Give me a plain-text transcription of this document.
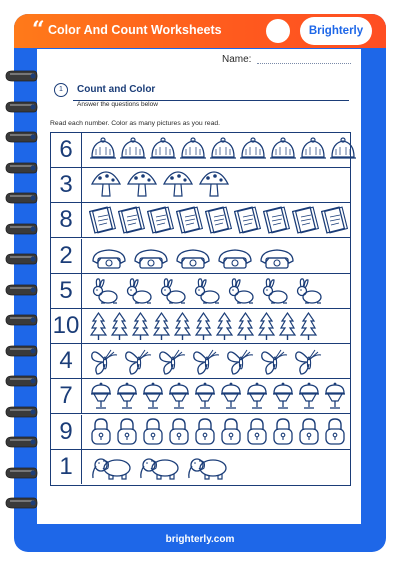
“ Color And Count Worksheets	Brighterly
brighterly.com
Name:
1	Count and Color
Answer the questions below
Read each number. Color as many pictures as you read.
6
3
8
2
5
10
4
7
9
1
